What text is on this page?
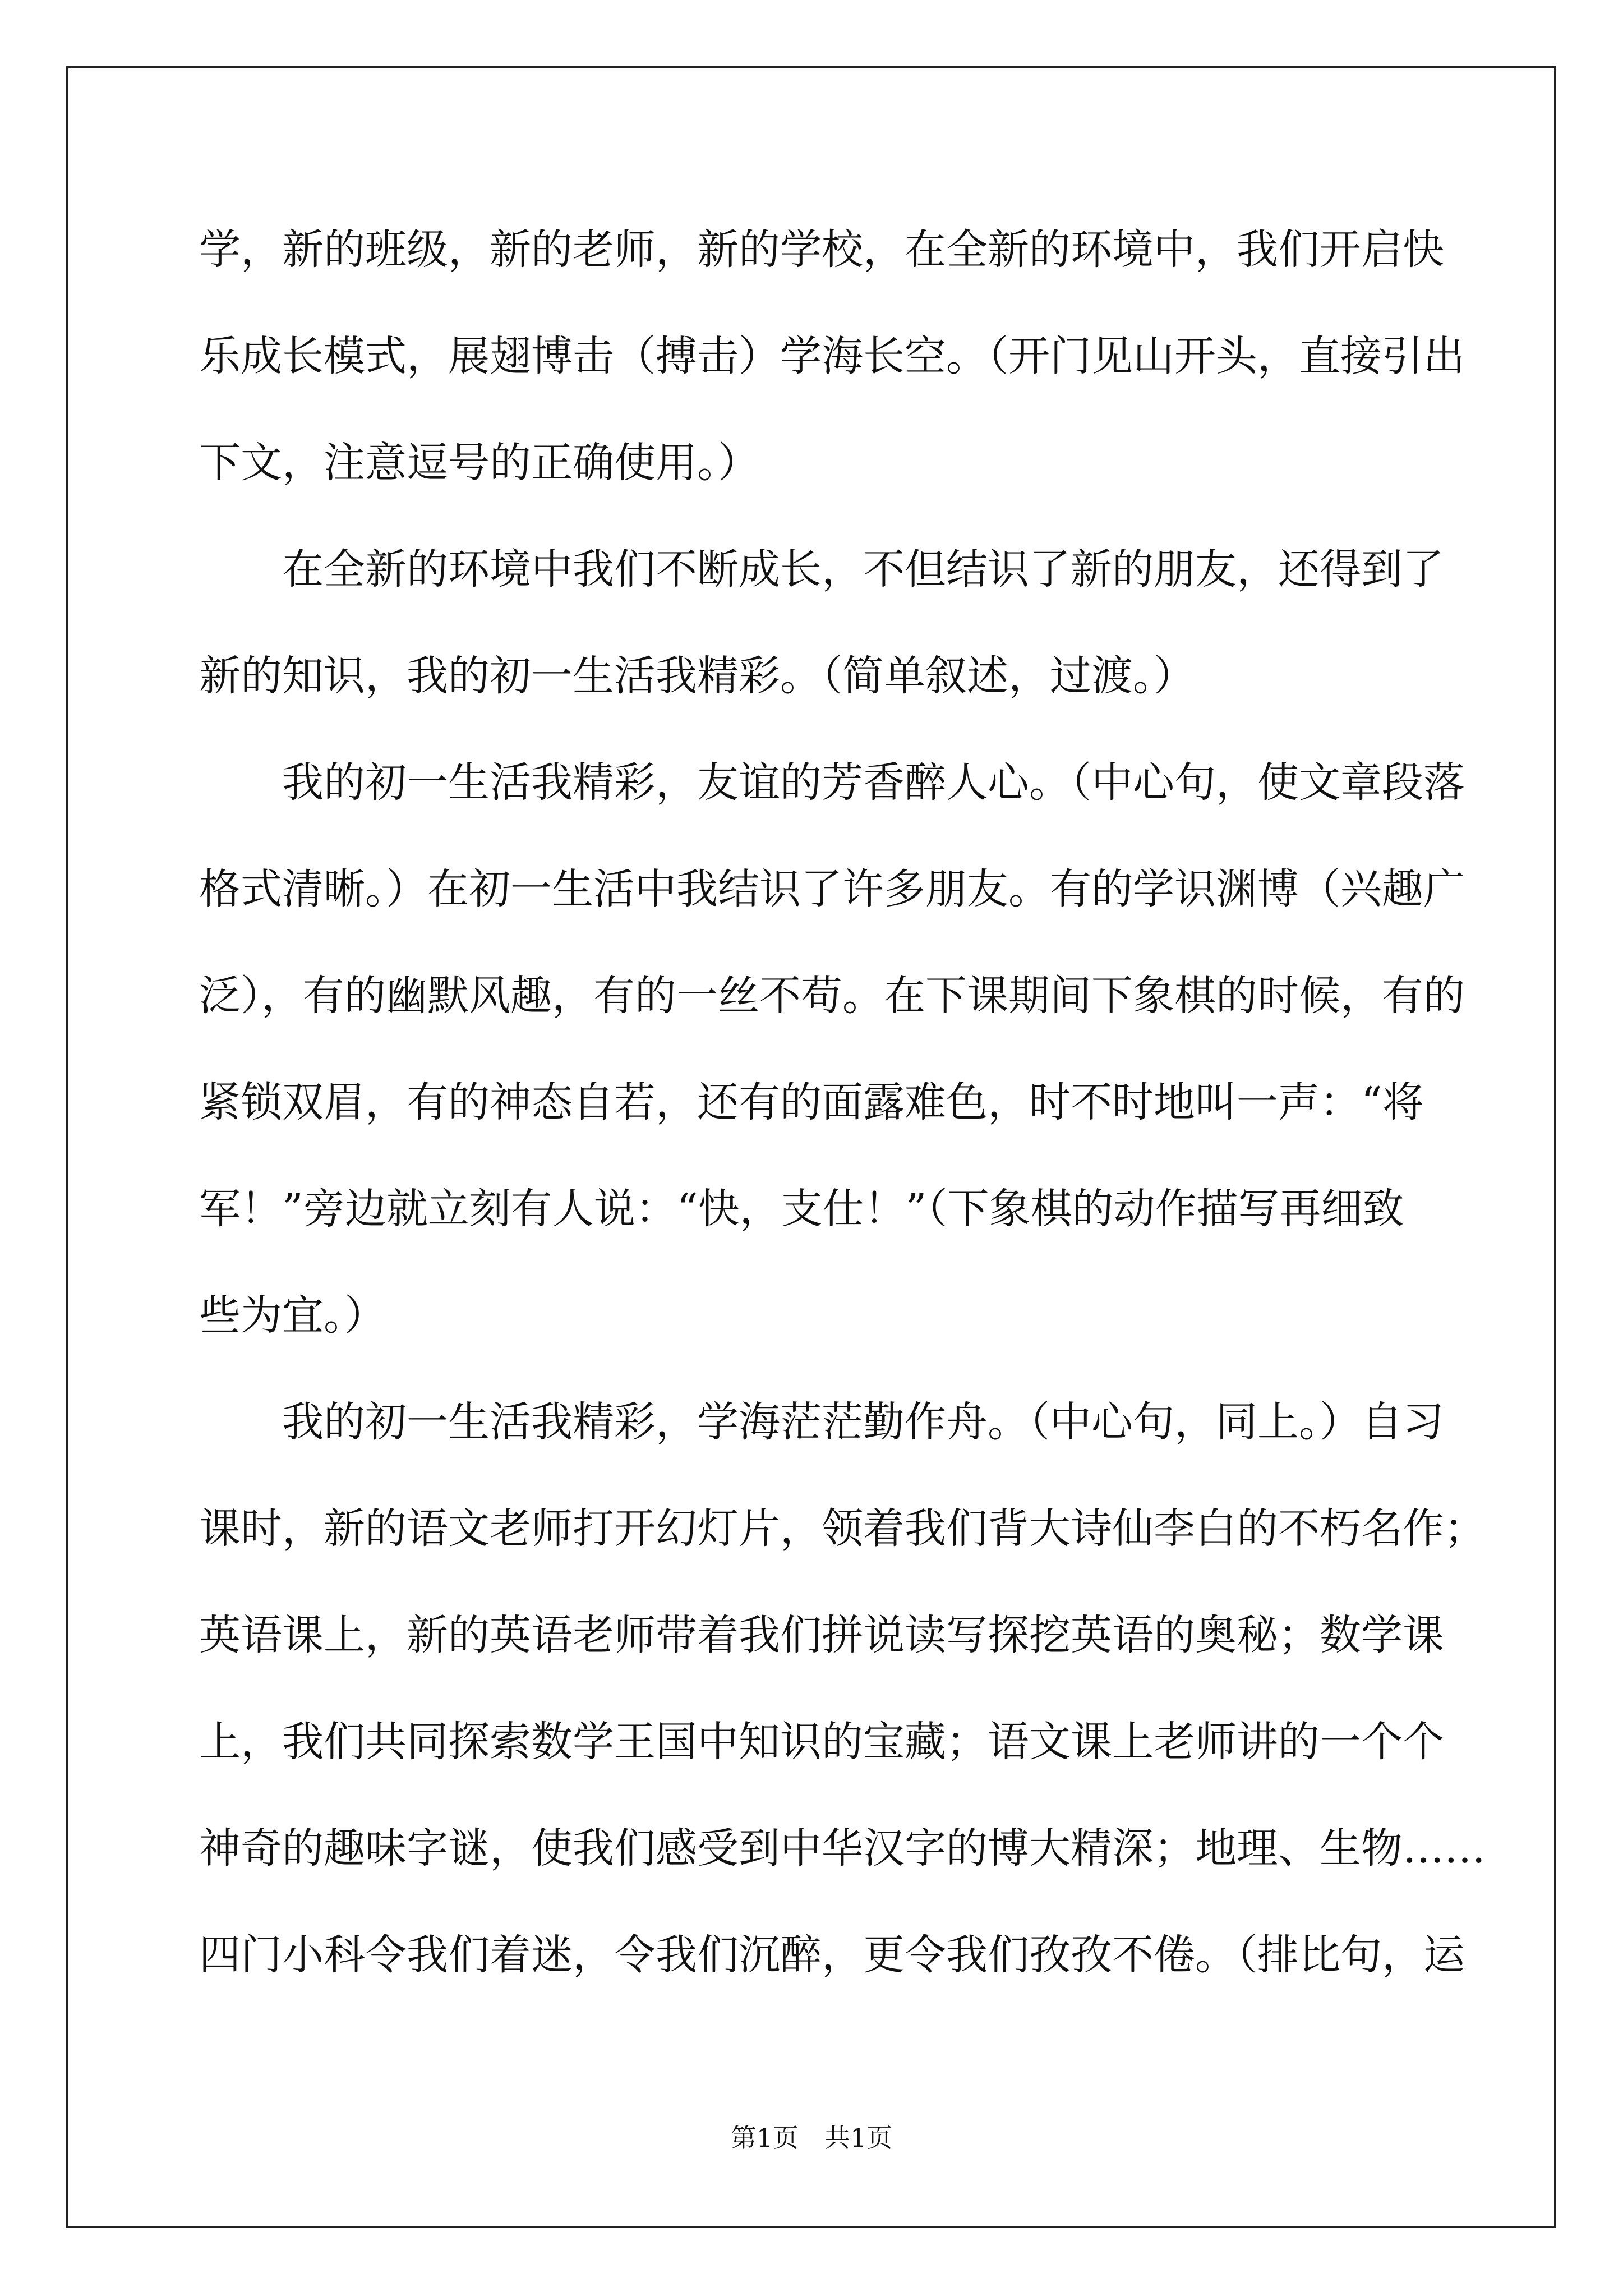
学，新的班级，新的老师，新的学校，在全新的环境中，我们开启快
乐成长模式，展翅博击（搏击）学海长空。（开门见山开头，直接引出
下文，注意逗号的正确使用。）
在全新的环境中我们不断成长，不但结识了新的朋友，还得到了
新的知识，我的初一生活我精彩。（简单叙述，过渡。）
我的初一生活我精彩，友谊的芳香醉人心。（中心句，使文章段落
格式清晰。）在初一生活中我结识了许多朋友。有的学识渊博（兴趣广
泛），有的幽默风趣，有的一丝不苟。在下课期间下象棋的时候，有的
紧锁双眉，有的神态自若，还有的面露难色，时不时地叫一声：“将
军！”旁边就立刻有人说：“快，支仕！”（下象棋的动作描写再细致
些为宜。）
我的初一生活我精彩，学海茫茫勤作舟。（中心句，同上。）自习
课时，新的语文老师打开幻灯片，领着我们背大诗仙李白的不朽名作；
英语课上，新的英语老师带着我们拼说读写探挖英语的奥秘；数学课
上，我们共同探索数学王国中知识的宝藏；语文课上老师讲的一个个
神奇的趣味字谜，使我们感受到中华汉字的博大精深；地理、生物……
四门小科令我们着迷，令我们沉醉，更令我们孜孜不倦。（排比句，运
第1页 共1页
